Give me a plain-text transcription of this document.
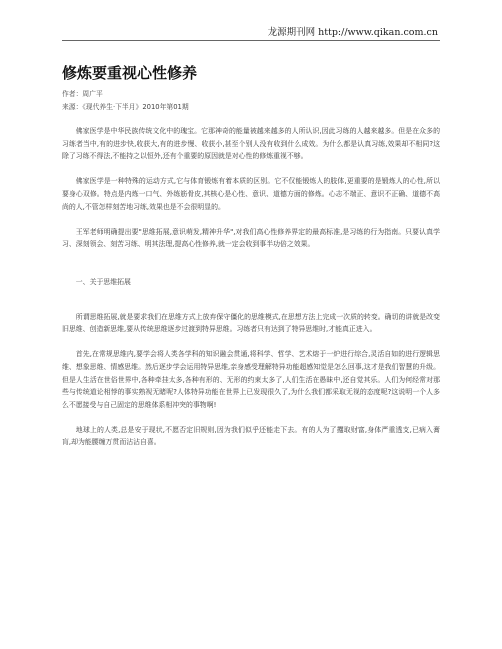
龙源期刊网 http://www.qikan.com.cn
修炼要重视心性修养
作者：周广平
来源：《现代养生·下半月》2010年第01期

佛家医学是中华民族传统文化中的瑰宝。它那神奇的能量被越来越多的人所认识,因此习练的人越来越多。但是在众多的习练者当中,有的进步快,收获大,有的进步慢、收获小,甚至个别人没有收到什么成效。为什么都是认真习练,效果却不相同?这除了习练不得法,不能持之以恒外,还有个重要的原因就是对心性的修炼重视不够。

佛家医学是一种特殊的运动方式,它与体育锻炼有着本质的区别。它不仅能锻炼人的肢体,更重要的是锻炼人的心性,所以要身心双修。特点是内炼一口气、外练筋骨皮,其核心是心性、意识、道德方面的修炼。心志不端正、意识不正确、道德不高尚的人,不管怎样刻苦地习练,效果也是不会很明显的。

王军老师明确提出要"思维拓展,意识萌发,精神升华",对我们高心性修养界定的最高标准,是习练的行为指南。只要认真学习、深刻领会、刻苦习练、明其法理,提高心性修养,就一定会收到事半功倍之效果。

一、关于思维拓展

所谓思维拓展,就是要求我们在思维方式上放弃保守僵化的思维模式,在思想方法上完成一次质的转变。确切的讲就是改变旧思维、创造新思维,要从传统思维逐步过渡到特异思维。习练者只有达到了特异思维时,才能真正进入。

首先,在常规思维内,要学会将人类各学科的知识融会贯通,将科学、哲学、艺术熔于一炉进行综合,灵活自如的进行逻辑思维、想象思维、情感思维。然后逐步学会运用特异思维,亲身感受理解特异功能超感知觉是怎么回事,这才是我们智慧的升级。但是人生活在世俗世界中,各种牵挂太多,各种有形的、无形的约束太多了,人们生活在愚昧中,还自觉其乐。人们为何经常对那些与传统道论相悖的事实熟视无睹呢?人体特异功能在世界上已发现很久了,为什么我们都采取无视的态度呢?这说明一个人多么不愿接受与自己固定的思维体系相冲突的事物啊!

地球上的人类,总是安于现状,不愿否定旧规则,因为我们似乎还能走下去。有的人为了攫取财富,身体严重透支,已病入膏肓,却为能腰缠万贯而沾沾自喜。
